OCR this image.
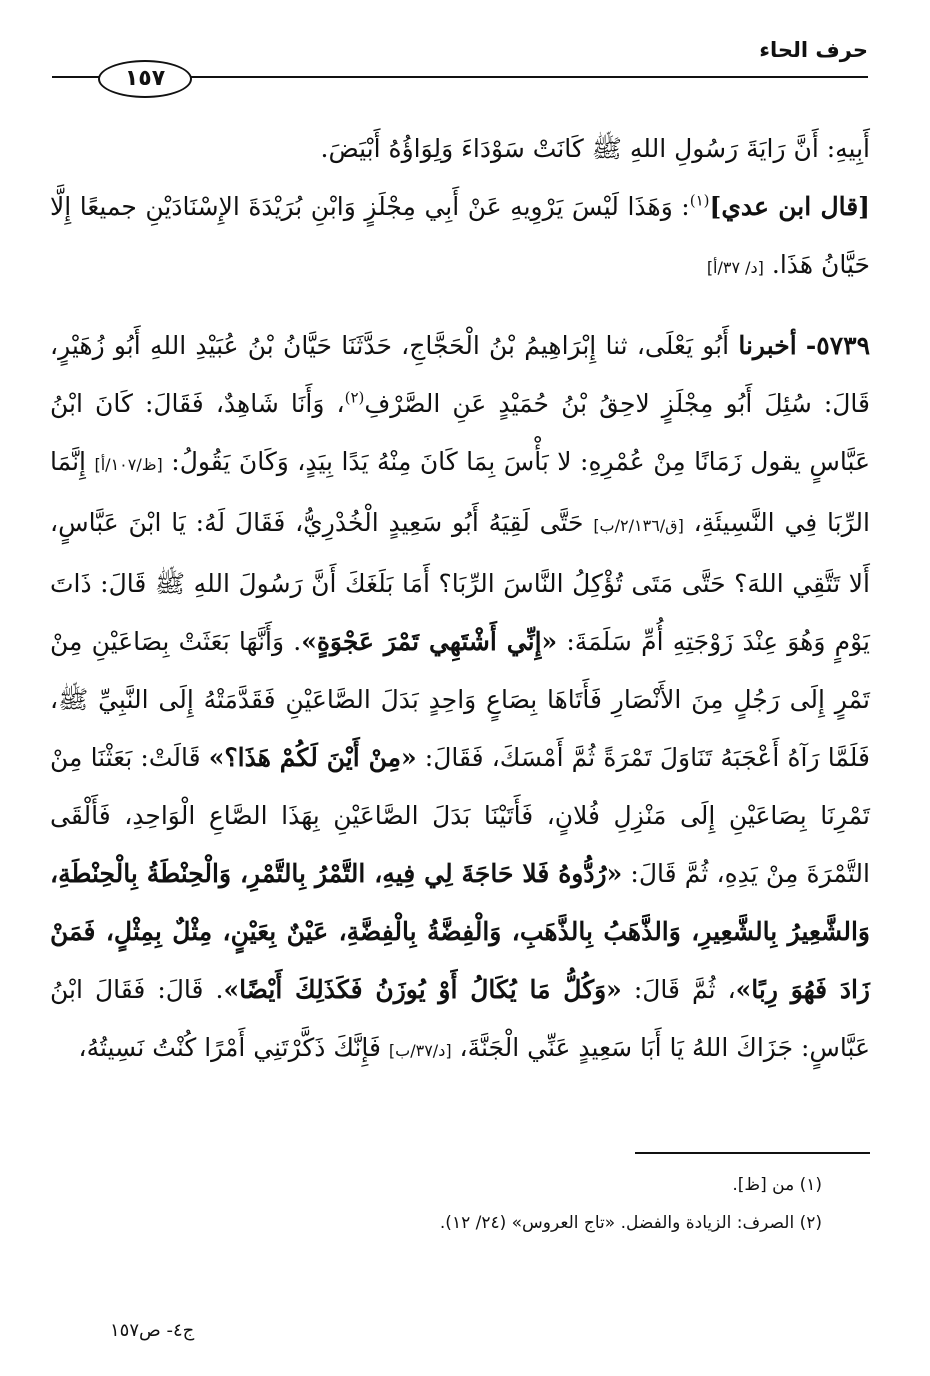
حرف الحاء
١٥٧

أَبِيهِ: أَنَّ رَايَةَ رَسُولِ اللهِ ﷺ كَانَتْ سَوْدَاءَ وَلِوَاؤُهُ أَبْيَضَ.

[قال ابن عدي]$^{(١)}$: وَهَذَا لَيْسَ يَرْوِيهِ عَنْ أَبِي مِجْلَزٍ وَابْنِ بُرَيْدَةَ الإِسْنَادَيْنِ جميعًا إِلَّا حَيَّانُ هَذَا. [د/ ٣٧/أ]

٥٧٣٩- أخبرنا أَبُو يَعْلَى، ثنا إِبْرَاهِيمُ بْنُ الْحَجَّاجِ، حَدَّثَنَا حَيَّانُ بْنُ عُبَيْدِ اللهِ أَبُو زُهَيْرٍ، قَالَ: سُئِلَ أَبُو مِجْلَزٍ لاحِقُ بْنُ حُمَيْدٍ عَنِ الصَّرْفِ$^{(٢)}$، وَأَنَا شَاهِدٌ، فَقَالَ: كَانَ ابْنُ عَبَّاسٍ يقول زَمَانًا مِنْ عُمْرِهِ: لا بَأْسَ بِمَا كَانَ مِنْهُ يَدًا بِيَدٍ، وَكَانَ يَقُولُ: [ظ/١٠٧/أ] إِنَّمَا الرِّبَا فِي النَّسِيئَةِ، [ق/٢/١٣٦/ب] حَتَّى لَقِيَهُ أَبُو سَعِيدٍ الْخُدْرِيُّ، فَقَالَ لَهُ: يَا ابْنَ عَبَّاسٍ، أَلا تَتَّقِي اللهَ؟ حَتَّى مَتَى تُؤْكِلُ النَّاسَ الرِّبَا؟ أَمَا بَلَغَكَ أَنَّ رَسُولَ اللهِ ﷺ قَالَ: ذَاتَ يَوْمٍ وَهُوَ عِنْدَ زَوْجَتِهِ أُمِّ سَلَمَةَ: «إِنِّي أَشْتَهِي تَمْرَ عَجْوَةٍ». وَأَنَّهَا بَعَثَتْ بِصَاعَيْنِ مِنْ تَمْرٍ إِلَى رَجُلٍ مِنَ الأَنْصَارِ فَأَتَاهَا بِصَاعٍ وَاحِدٍ بَدَلَ الصَّاعَيْنِ فَقَدَّمَتْهُ إِلَى النَّبِيِّ ﷺ، فَلَمَّا رَآهُ أَعْجَبَهُ تَنَاوَلَ تَمْرَةً ثُمَّ أَمْسَكَ، فَقَالَ: «مِنْ أَيْنَ لَكُمْ هَذَا؟» قَالَتْ: بَعَثْنَا مِنْ تَمْرِنَا بِصَاعَيْنِ إِلَى مَنْزِلِ فُلانٍ، فَأَتَيْنَا بَدَلَ الصَّاعَيْنِ بِهَذَا الصَّاعِ الْوَاحِدِ، فَأَلْقَى التَّمْرَةَ مِنْ يَدِهِ، ثُمَّ قَالَ: «رُدُّوهُ فَلا حَاجَةَ لِي فِيهِ، التَّمْرُ بِالتَّمْرِ، وَالْحِنْطَةُ بِالْحِنْطَةِ، وَالشَّعِيرُ بِالشَّعِيرِ، وَالذَّهَبُ بِالذَّهَبِ، وَالْفِضَّةُ بِالْفِضَّةِ، عَيْنٌ بِعَيْنٍ، مِثْلٌ بِمِثْلٍ، فَمَنْ زَادَ فَهُوَ رِبًا»، ثُمَّ قَالَ: «وَكُلُّ مَا يُكَالُ أَوْ يُوزَنُ فَكَذَلِكَ أَيْضًا». قَالَ: فَقَالَ ابْنُ عَبَّاسٍ: جَزَاكَ اللهُ يَا أَبَا سَعِيدٍ عَنِّي الْجَنَّةَ، [د/٣٧/ب] فَإِنَّكَ ذَكَّرْتَنِي أَمْرًا كُنْتُ نَسِيتُهُ،

(١) من [ظ].

(٢) الصرف: الزيادة والفضل. «تاج العروس» (٢٤/ ١٢).

ج٤- ص١٥٧
